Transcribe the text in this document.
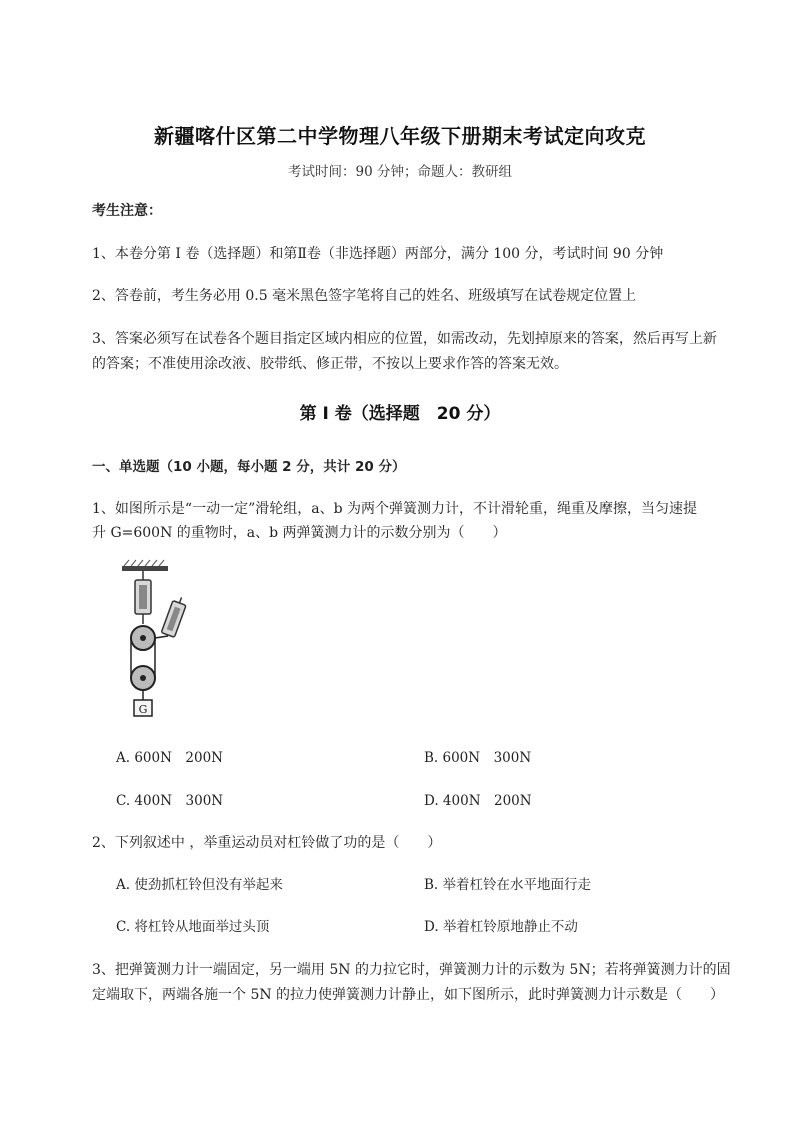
新疆喀什区第二中学物理八年级下册期末考试定向攻克
考试时间：90 分钟；命题人：教研组
考生注意：
1、本卷分第 I 卷（选择题）和第Ⅱ卷（非选择题）两部分，满分 100 分，考试时间 90 分钟
2、答卷前，考生务必用 0.5 毫米黑色签字笔将自己的姓名、班级填写在试卷规定位置上
3、答案必须写在试卷各个题目指定区域内相应的位置，如需改动，先划掉原来的答案，然后再写上新
的答案；不准使用涂改液、胶带纸、修正带，不按以上要求作答的答案无效。
第 I 卷（选择题　20 分）
一、单选题（10 小题，每小题 2 分，共计 20 分）
1、如图所示是“一动一定”滑轮组，a、b 为两个弹簧测力计，不计滑轮重，绳重及摩擦，当匀速提
升 G=600N 的重物时，a、b 两弹簧测力计的示数分别为（　　）
G
A. 600N　200N	B. 600N　300N
C. 400N　300N	D. 400N　200N
2、下列叙述中 ，举重运动员对杠铃做了功的是（　　）
A. 使劲抓杠铃但没有举起来	B. 举着杠铃在水平地面行走
C. 将杠铃从地面举过头顶	D. 举着杠铃原地静止不动
3、把弹簧测力计一端固定，另一端用 5N 的力拉它时，弹簧测力计的示数为 5N；若将弹簧测力计的固
定端取下，两端各施一个 5N 的拉力使弹簧测力计静止，如下图所示，此时弹簧测力计示数是（　　）
